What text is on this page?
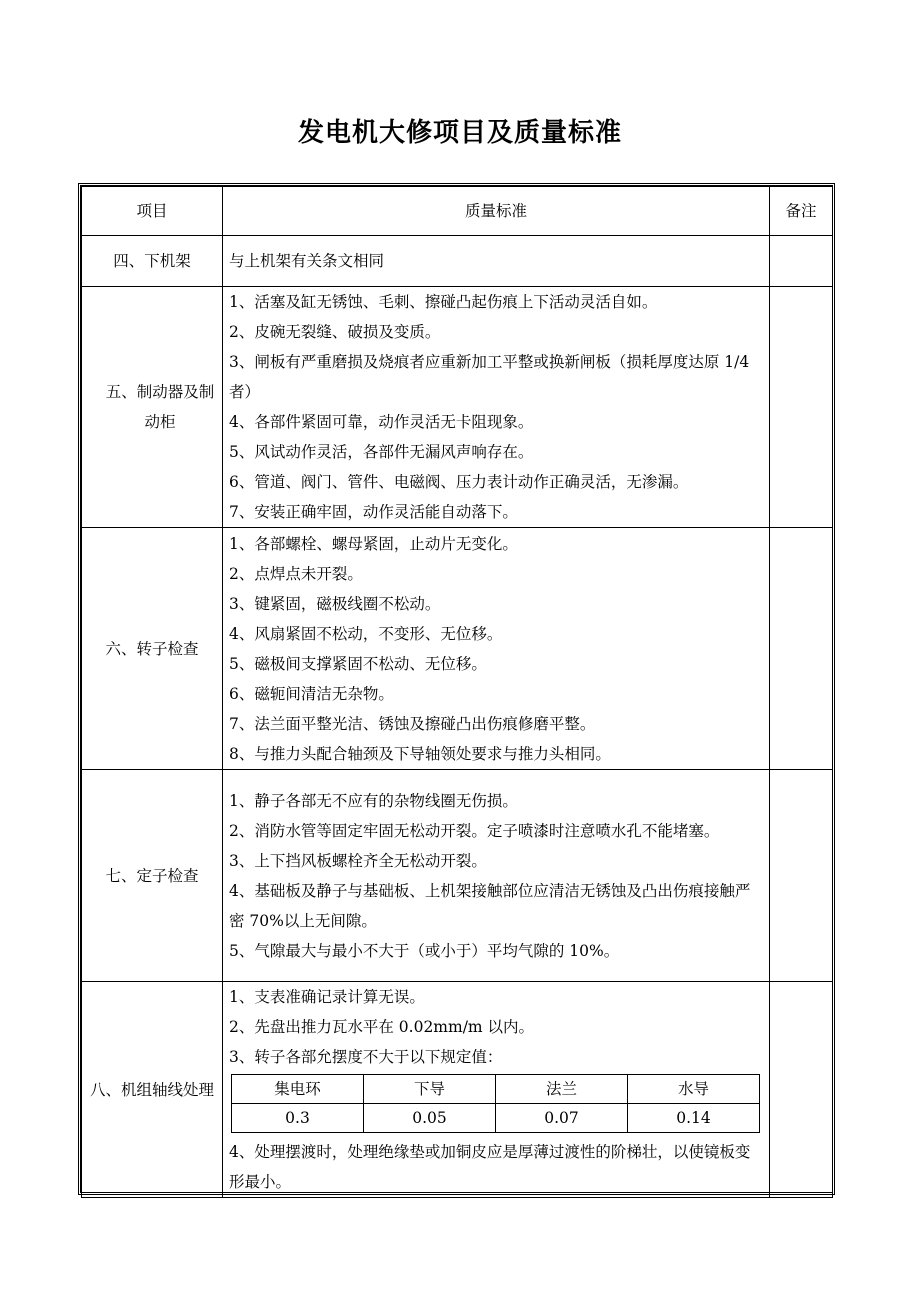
发电机大修项目及质量标准
项目	质量标准	备注
四、下机架	与上机架有关条文相同

五、制动器及制动柜	
1、活塞及缸无锈蚀、毛刺、擦碰凸起伤痕上下活动灵活自如。
2、皮碗无裂缝、破损及变质。
3、闸板有严重磨损及烧痕者应重新加工平整或换新闸板（损耗厚度达原 1/4 者）
4、各部件紧固可靠，动作灵活无卡阻现象。
5、风试动作灵活，各部件无漏风声响存在。
6、管道、阀门、管件、电磁阀、压力表计动作正确灵活，无渗漏。
7、安装正确牢固，动作灵活能自动落下。

六、转子检查	
1、各部螺栓、螺母紧固，止动片无变化。
2、点焊点未开裂。
3、键紧固，磁极线圈不松动。
4、风扇紧固不松动，不变形、无位移。
5、磁极间支撑紧固不松动、无位移。
6、磁轭间清洁无杂物。
7、法兰面平整光洁、锈蚀及擦碰凸出伤痕修磨平整。
8、与推力头配合轴颈及下导轴领处要求与推力头相同。

七、定子检查	
1、静子各部无不应有的杂物线圈无伤损。
2、消防水管等固定牢固无松动开裂。定子喷漆时注意喷水孔不能堵塞。
3、上下挡风板螺栓齐全无松动开裂。
4、基础板及静子与基础板、上机架接触部位应清洁无锈蚀及凸出伤痕接触严密 70%以上无间隙。
5、气隙最大与最小不大于（或小于）平均气隙的 10%。

八、机组轴线处理	
1、支表准确记录计算无误。
2、先盘出推力瓦水平在 0.02mm/m 以内。
3、转子各部允摆度不大于以下规定值：
集电环	下导	法兰	水导
0.3	0.05	0.07	0.14
4、处理摆渡时，处理绝缘垫或加铜皮应是厚薄过渡性的阶梯壮，以使镜板变形最小。
